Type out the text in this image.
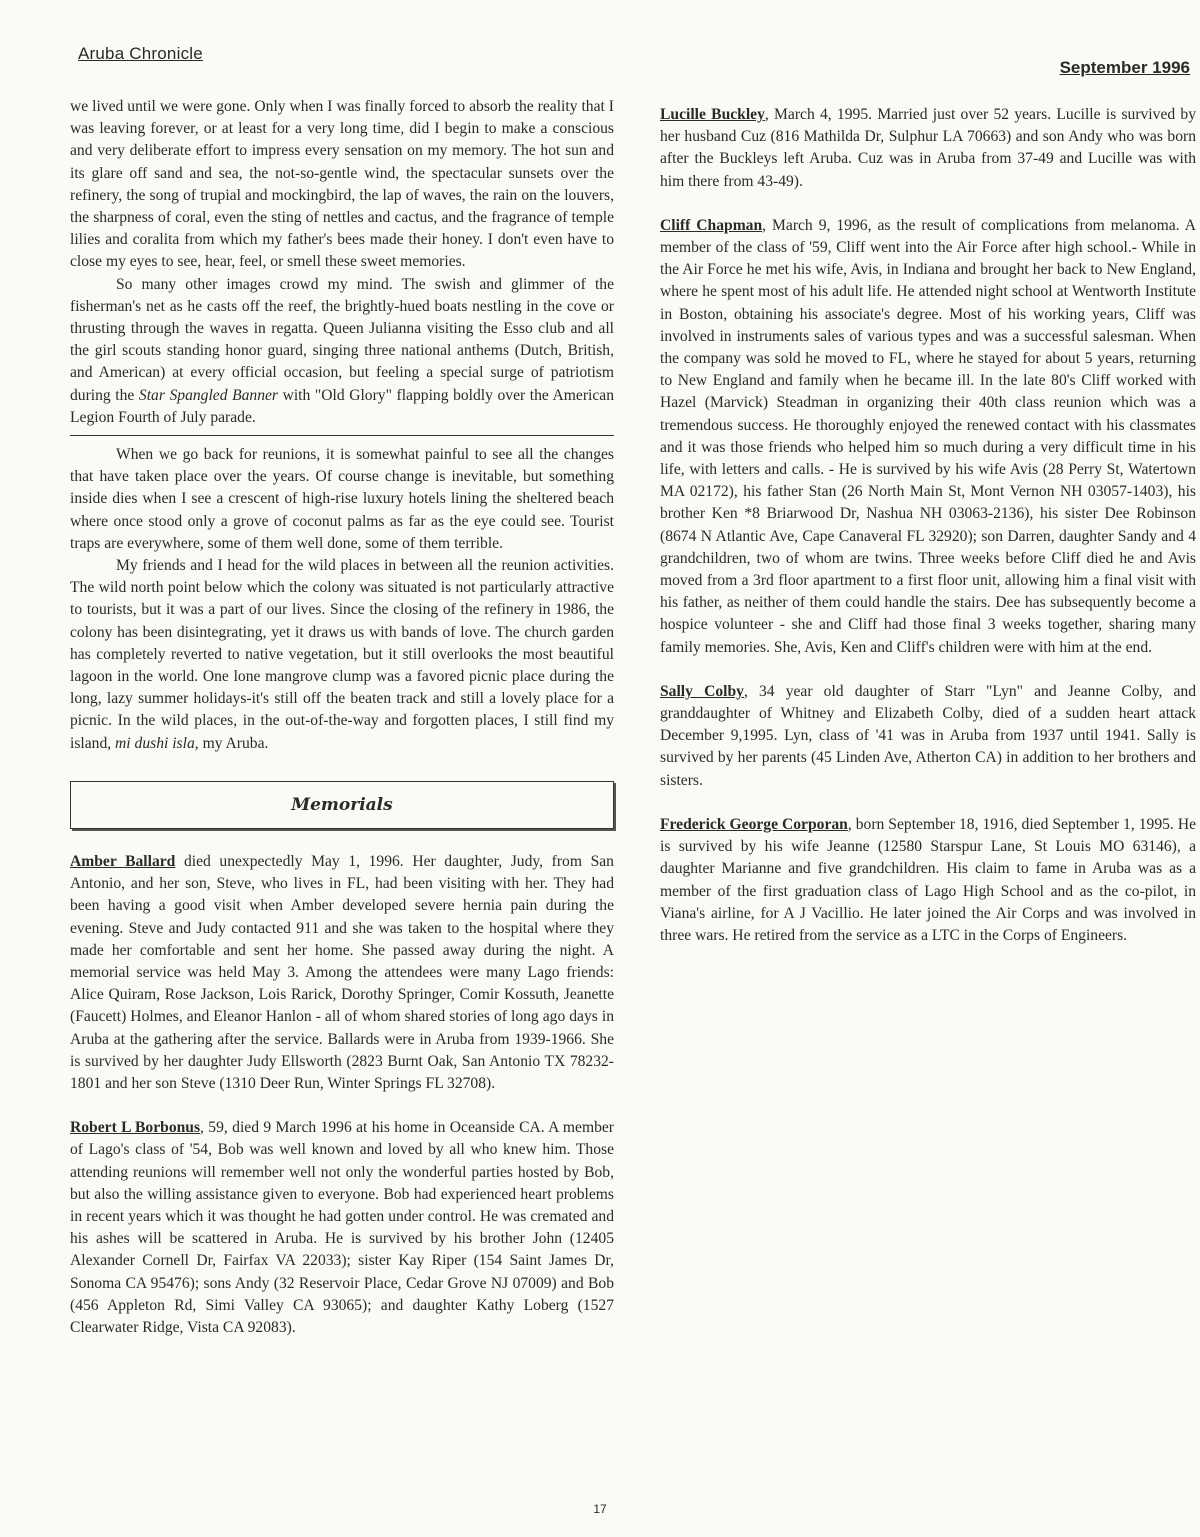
Aruba Chronicle
September 1996

we lived until we were gone. Only when I was finally forced to absorb the reality that I was leaving forever, or at least for a very long time, did I begin to make a conscious and very deliberate effort to impress every sensation on my memory. The hot sun and its glare off sand and sea, the not-so-gentle wind, the spectacular sunsets over the refinery, the song of trupial and mockingbird, the lap of waves, the rain on the louvers, the sharpness of coral, even the sting of nettles and cactus, and the fragrance of temple lilies and coralita from which my father's bees made their honey. I don't even have to close my eyes to see, hear, feel, or smell these sweet memories.

So many other images crowd my mind. The swish and glimmer of the fisherman's net as he casts off the reef, the brightly-hued boats nestling in the cove or thrusting through the waves in regatta. Queen Julianna visiting the Esso club and all the girl scouts standing honor guard, singing three national anthems (Dutch, British, and American) at every official occasion, but feeling a special surge of patriotism during the Star Spangled Banner with "Old Glory" flapping boldly over the American Legion Fourth of July parade.

When we go back for reunions, it is somewhat painful to see all the changes that have taken place over the years. Of course change is inevitable, but something inside dies when I see a crescent of high-rise luxury hotels lining the sheltered beach where once stood only a grove of coconut palms as far as the eye could see. Tourist traps are everywhere, some of them well done, some of them terrible.

My friends and I head for the wild places in between all the reunion activities. The wild north point below which the colony was situated is not particularly attractive to tourists, but it was a part of our lives. Since the closing of the refinery in 1986, the colony has been disintegrating, yet it draws us with bands of love. The church garden has completely reverted to native vegetation, but it still overlooks the most beautiful lagoon in the world. One lone mangrove clump was a favored picnic place during the long, lazy summer holidays-it's still off the beaten track and still a lovely place for a picnic. In the wild places, in the out-of-the-way and forgotten places, I still find my island, mi dushi isla, my Aruba.

Memorials

Amber Ballard died unexpectedly May 1, 1996. Her daughter, Judy, from San Antonio, and her son, Steve, who lives in FL, had been visiting with her. They had been having a good visit when Amber developed severe hernia pain during the evening. Steve and Judy contacted 911 and she was taken to the hospital where they made her comfortable and sent her home. She passed away during the night. A memorial service was held May 3. Among the attendees were many Lago friends: Alice Quiram, Rose Jackson, Lois Rarick, Dorothy Springer, Comir Kossuth, Jeanette (Faucett) Holmes, and Eleanor Hanlon - all of whom shared stories of long ago days in Aruba at the gathering after the service. Ballards were in Aruba from 1939-1966. She is survived by her daughter Judy Ellsworth (2823 Burnt Oak, San Antonio TX 78232-1801 and her son Steve (1310 Deer Run, Winter Springs FL 32708).

Robert L Borbonus, 59, died 9 March 1996 at his home in Oceanside CA. A member of Lago's class of '54, Bob was well known and loved by all who knew him. Those attending reunions will remember well not only the wonderful parties hosted by Bob, but also the willing assistance given to everyone. Bob had experienced heart problems in recent years which it was thought he had gotten under control. He was cremated and his ashes will be scattered in Aruba. He is survived by his brother John (12405 Alexander Cornell Dr, Fairfax VA 22033); sister Kay Riper (154 Saint James Dr, Sonoma CA 95476); sons Andy (32 Reservoir Place, Cedar Grove NJ 07009) and Bob (456 Appleton Rd, Simi Valley CA 93065); and daughter Kathy Loberg (1527 Clearwater Ridge, Vista CA 92083).

Lucille Buckley, March 4, 1995. Married just over 52 years. Lucille is survived by her husband Cuz (816 Mathilda Dr, Sulphur LA 70663) and son Andy who was born after the Buckleys left Aruba. Cuz was in Aruba from 37-49 and Lucille was with him there from 43-49).

Cliff Chapman, March 9, 1996, as the result of complications from melanoma. A member of the class of '59, Cliff went into the Air Force after high school.- While in the Air Force he met his wife, Avis, in Indiana and brought her back to New England, where he spent most of his adult life. He attended night school at Wentworth Institute in Boston, obtaining his associate's degree. Most of his working years, Cliff was involved in instruments sales of various types and was a successful salesman. When the company was sold he moved to FL, where he stayed for about 5 years, returning to New England and family when he became ill. In the late 80's Cliff worked with Hazel (Marvick) Steadman in organizing their 40th class reunion which was a tremendous success. He thoroughly enjoyed the renewed contact with his classmates and it was those friends who helped him so much during a very difficult time in his life, with letters and calls. - He is survived by his wife Avis (28 Perry St, Watertown MA 02172), his father Stan (26 North Main St, Mont Vernon NH 03057-1403), his brother Ken *8 Briarwood Dr, Nashua NH 03063-2136), his sister Dee Robinson (8674 N Atlantic Ave, Cape Canaveral FL 32920); son Darren, daughter Sandy and 4 grandchildren, two of whom are twins. Three weeks before Cliff died he and Avis moved from a 3rd floor apartment to a first floor unit, allowing him a final visit with his father, as neither of them could handle the stairs. Dee has subsequently become a hospice volunteer - she and Cliff had those final 3 weeks together, sharing many family memories. She, Avis, Ken and Cliff's children were with him at the end.

Sally Colby, 34 year old daughter of Starr "Lyn" and Jeanne Colby, and granddaughter of Whitney and Elizabeth Colby, died of a sudden heart attack December 9,1995. Lyn, class of '41 was in Aruba from 1937 until 1941. Sally is survived by her parents (45 Linden Ave, Atherton CA) in addition to her brothers and sisters.

Frederick George Corporan, born September 18, 1916, died September 1, 1995. He is survived by his wife Jeanne (12580 Starspur Lane, St Louis MO 63146), a daughter Marianne and five grandchildren. His claim to fame in Aruba was as a member of the first graduation class of Lago High School and as the co-pilot, in Viana's airline, for A J Vacillio. He later joined the Air Corps and was involved in three wars. He retired from the service as a LTC in the Corps of Engineers.

17
